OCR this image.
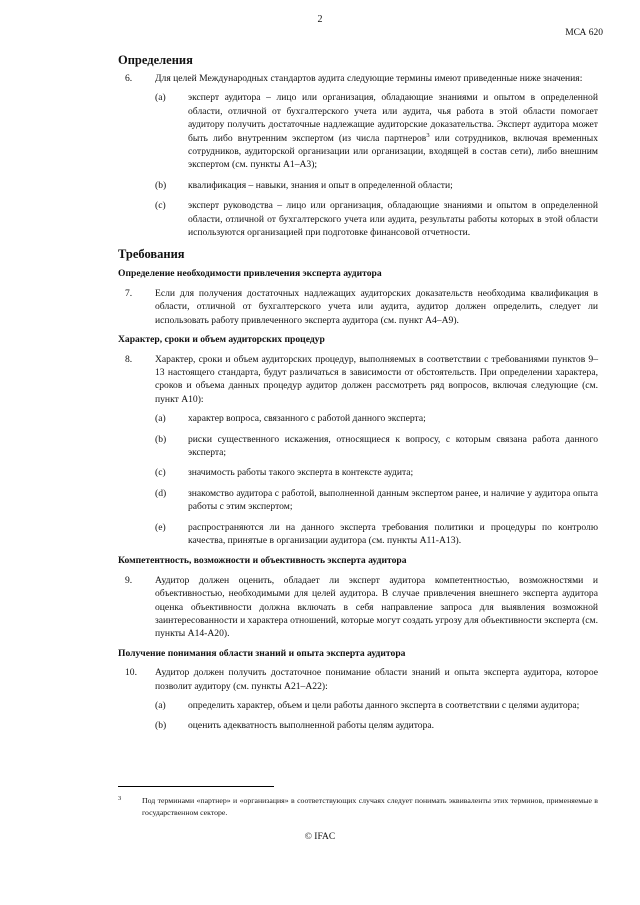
2
МСА 620
Определения
6. Для целей Международных стандартов аудита следующие термины имеют приведенные ниже значения:
(a) эксперт аудитора – лицо или организация, обладающие знаниями и опытом в определенной области, отличной от бухгалтерского учета или аудита, чья работа в этой области помогает аудитору получить достаточные надлежащие аудиторские доказательства. Эксперт аудитора может быть либо внутренним экспертом (из числа партнеров$^3$ или сотрудников, включая временных сотрудников, аудиторской организации или организации, входящей в состав сети), либо внешним экспертом (см. пункты А1–А3);
(b) квалификация – навыки, знания и опыт в определенной области;
(c) эксперт руководства – лицо или организация, обладающие знаниями и опытом в определенной области, отличной от бухгалтерского учета или аудита, результаты работы которых в этой области используются организацией при подготовке финансовой отчетности.
Требования
Определение необходимости привлечения эксперта аудитора
7. Если для получения достаточных надлежащих аудиторских доказательств необходима квалификация в области, отличной от бухгалтерского учета или аудита, аудитор должен определить, следует ли использовать работу привлеченного эксперта аудитора (см. пункт А4–А9).
Характер, сроки и объем аудиторских процедур
8. Характер, сроки и объем аудиторских процедур, выполняемых в соответствии с требованиями пунктов 9–13 настоящего стандарта, будут различаться в зависимости от обстоятельств. При определении характера, сроков и объема данных процедур аудитор должен рассмотреть ряд вопросов, включая следующие (см. пункт А10):
(a) характер вопроса, связанного с работой данного эксперта;
(b) риски существенного искажения, относящиеся к вопросу, с которым связана работа данного эксперта;
(c) значимость работы такого эксперта в контексте аудита;
(d) знакомство аудитора с работой, выполненной данным экспертом ранее, и наличие у аудитора опыта работы с этим экспертом;
(e) распространяются ли на данного эксперта требования политики и процедуры по контролю качества, принятые в организации аудитора (см. пункты А11-А13).
Компетентность, возможности и объективность эксперта аудитора
9. Аудитор должен оценить, обладает ли эксперт аудитора компетентностью, возможностями и объективностью, необходимыми для целей аудитора. В случае привлечения внешнего эксперта аудитора оценка объективности должна включать в себя направление запроса для выявления возможной заинтересованности и характера отношений, которые могут создать угрозу для объективности эксперта (см. пункты А14-А20).
Получение понимания области знаний и опыта эксперта аудитора
10. Аудитор должен получить достаточное понимание области знаний и опыта эксперта аудитора, которое позволит аудитору (см. пункты А21–А22):
(a) определить характер, объем и цели работы данного эксперта в соответствии с целями аудитора;
(b) оценить адекватность выполненной работы целям аудитора.
3	Под терминами «партнер» и «организация» в соответствующих случаях следует понимать эквиваленты этих терминов, применяемые в государственном секторе.
© IFAC
